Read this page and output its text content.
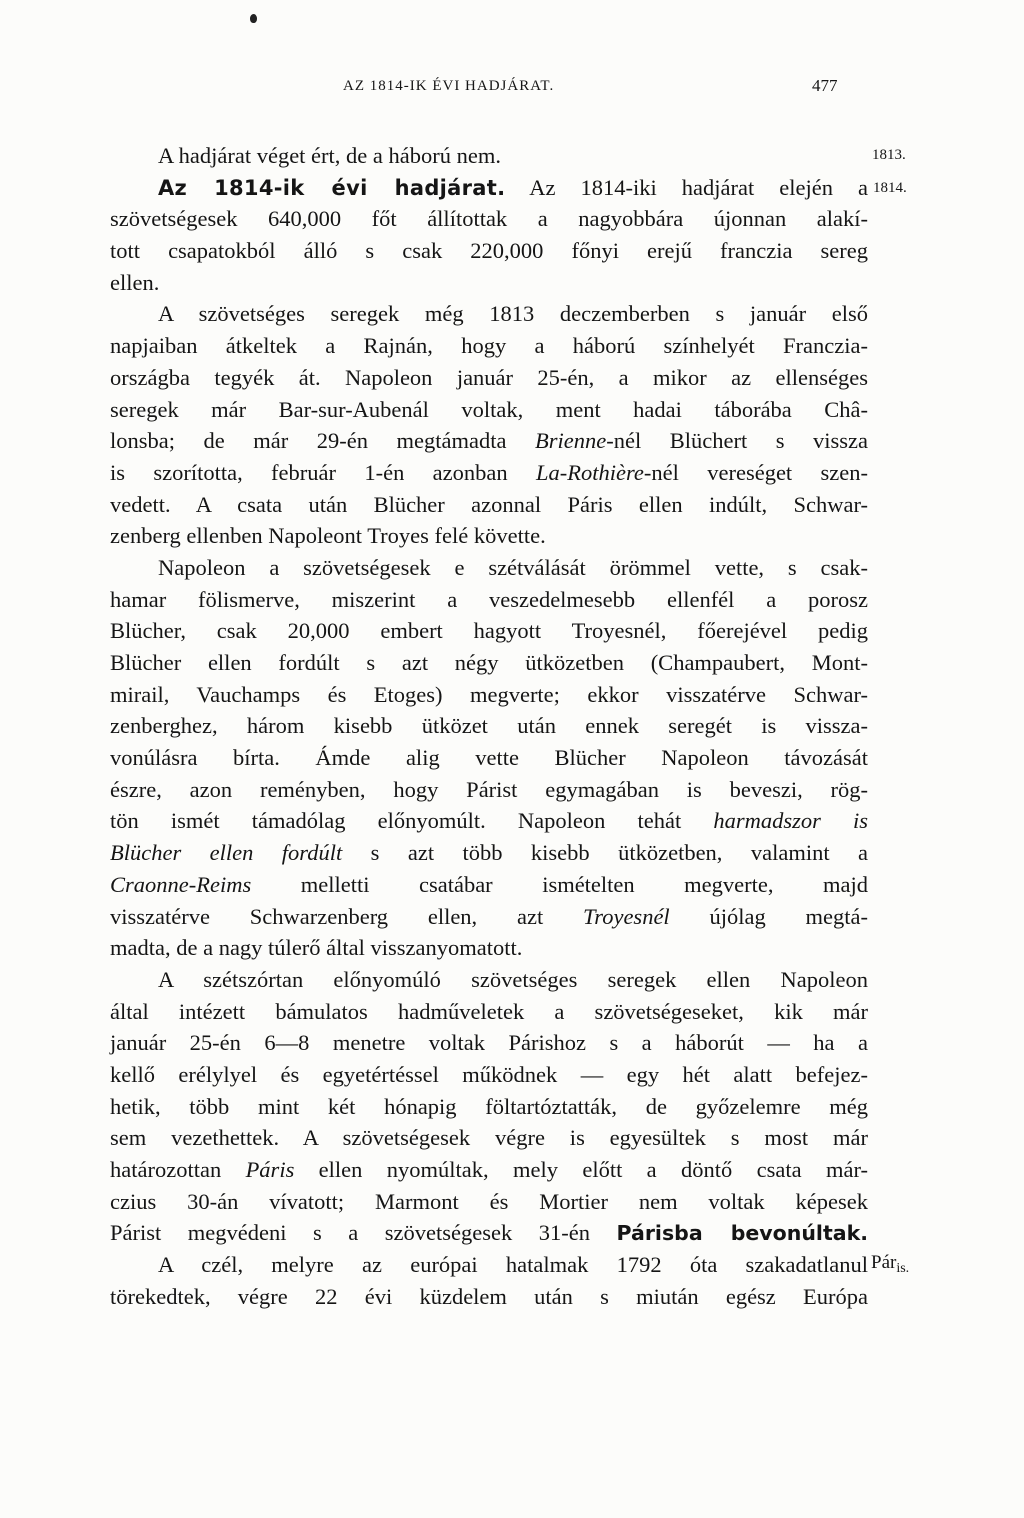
AZ 1814-IK ÉVI HADJÁRAT.	477
1813.
1814.
Páris.
A hadjárat véget ért, de a háború nem.
Az 1814-ik évi hadjárat. Az 1814-iki hadjárat elején a
szövetségesek 640,000 főt állítottak a nagyobbára újonnan alakí-
tott csapatokból álló s csak 220,000 főnyi erejű franczia sereg
ellen.
A szövetséges seregek még 1813 deczemberben s január első
napjaiban átkeltek a Rajnán, hogy a háború színhelyét Franczia-
országba tegyék át. Napoleon január 25-én, a mikor az ellenséges
seregek már Bar-sur-Aubenál voltak, ment hadai táborába Châ-
lonsba; de már 29-én megtámadta Brienne-nél Blüchert s vissza
is szorította, február 1-én azonban La-Rothière-nél vereséget szen-
vedett. A csata után Blücher azonnal Páris ellen indúlt, Schwar-
zenberg ellenben Napoleont Troyes felé követte.
Napoleon a szövetségesek e szétválását örömmel vette, s csak-
hamar fölismerve, miszerint a veszedelmesebb ellenfél a porosz
Blücher, csak 20,000 embert hagyott Troyesnél, főerejével pedig
Blücher ellen fordúlt s azt négy ütközetben (Champaubert, Mont-
mirail, Vauchamps és Etoges) megverte; ekkor visszatérve Schwar-
zenberghez, három kisebb ütközet után ennek seregét is vissza-
vonúlásra bírta. Ámde alig vette Blücher Napoleon távozását
észre, azon reményben, hogy Párist egymagában is beveszi, rög-
tön ismét támadólag előnyomúlt. Napoleon tehát harmadszor is
Blücher ellen fordúlt s azt több kisebb ütközetben, valamint a
Craonne-Reims melletti csatábar ismételten megverte, majd
visszatérve Schwarzenberg ellen, azt Troyesnél újólag megtá-
madta, de a nagy túlerő által visszanyomatott.
A szétszórtan előnyomúló szövetséges seregek ellen Napoleon
által intézett bámulatos hadműveletek a szövetségeseket, kik már
január 25-én 6—8 menetre voltak Párishoz s a háborút — ha a
kellő erélylyel és egyetértéssel működnek — egy hét alatt befejez-
hetik, több mint két hónapig föltartóztatták, de győzelemre még
sem vezethettek. A szövetségesek végre is egyesültek s most már
határozottan Páris ellen nyomúltak, mely előtt a döntő csata már-
czius 30-án vívatott; Marmont és Mortier nem voltak képesek
Párist megvédeni s a szövetségesek 31-én Párisba bevonúltak.
A czél, melyre az európai hatalmak 1792 óta szakadatlanul
törekedtek, végre 22 évi küzdelem után s miután egész Európa
